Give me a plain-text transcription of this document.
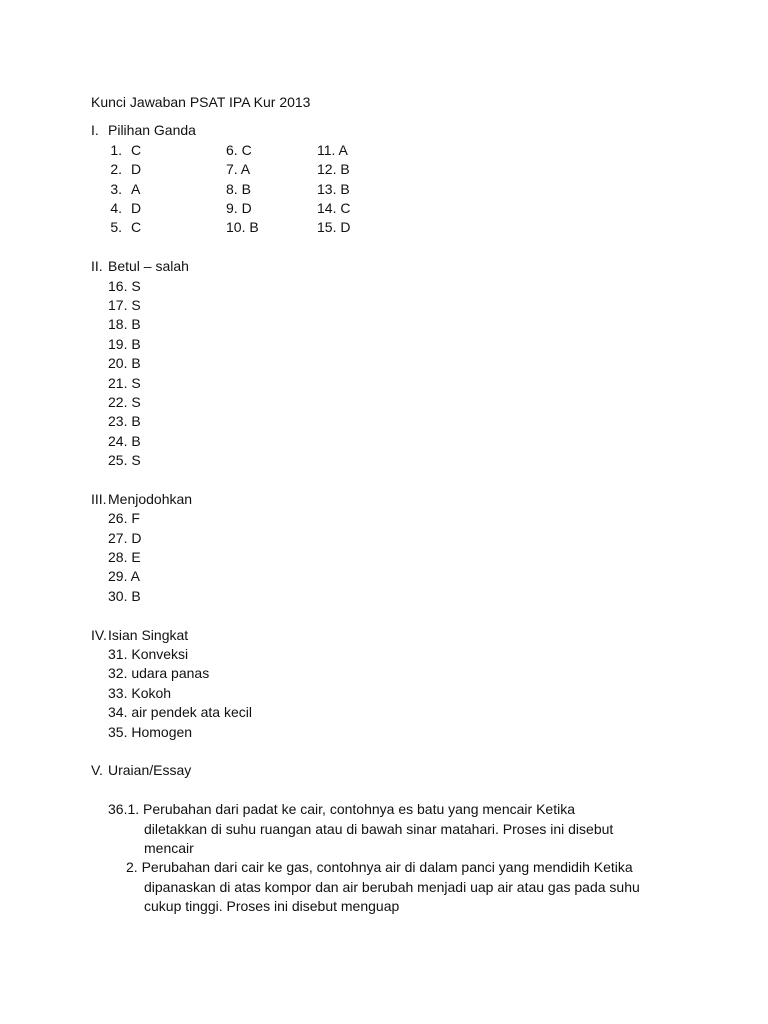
Kunci Jawaban PSAT IPA Kur 2013
I. Pilihan Ganda
1. C	6. C	11. A
2. D	7. A	12. B
3. A	8. B	13. B
4. D	9. D	14. C
5. C	10. B	15. D
II. Betul – salah
16. S
17. S
18. B
19. B
20. B
21. S
22. S
23. B
24. B
25. S
III. Menjodohkan
26. F
27. D
28. E
29. A
30. B
IV. Isian Singkat
31. Konveksi
32. udara panas
33. Kokoh
34. air pendek ata kecil
35. Homogen
V. Uraian/Essay
36.1. Perubahan dari padat ke cair, contohnya es batu yang mencair Ketika
diletakkan di suhu ruangan atau di bawah sinar matahari. Proses ini disebut
mencair
2. Perubahan dari cair ke gas, contohnya air di dalam panci yang mendidih Ketika
dipanaskan di atas kompor dan air berubah menjadi uap air atau gas pada suhu
cukup tinggi. Proses ini disebut menguap
